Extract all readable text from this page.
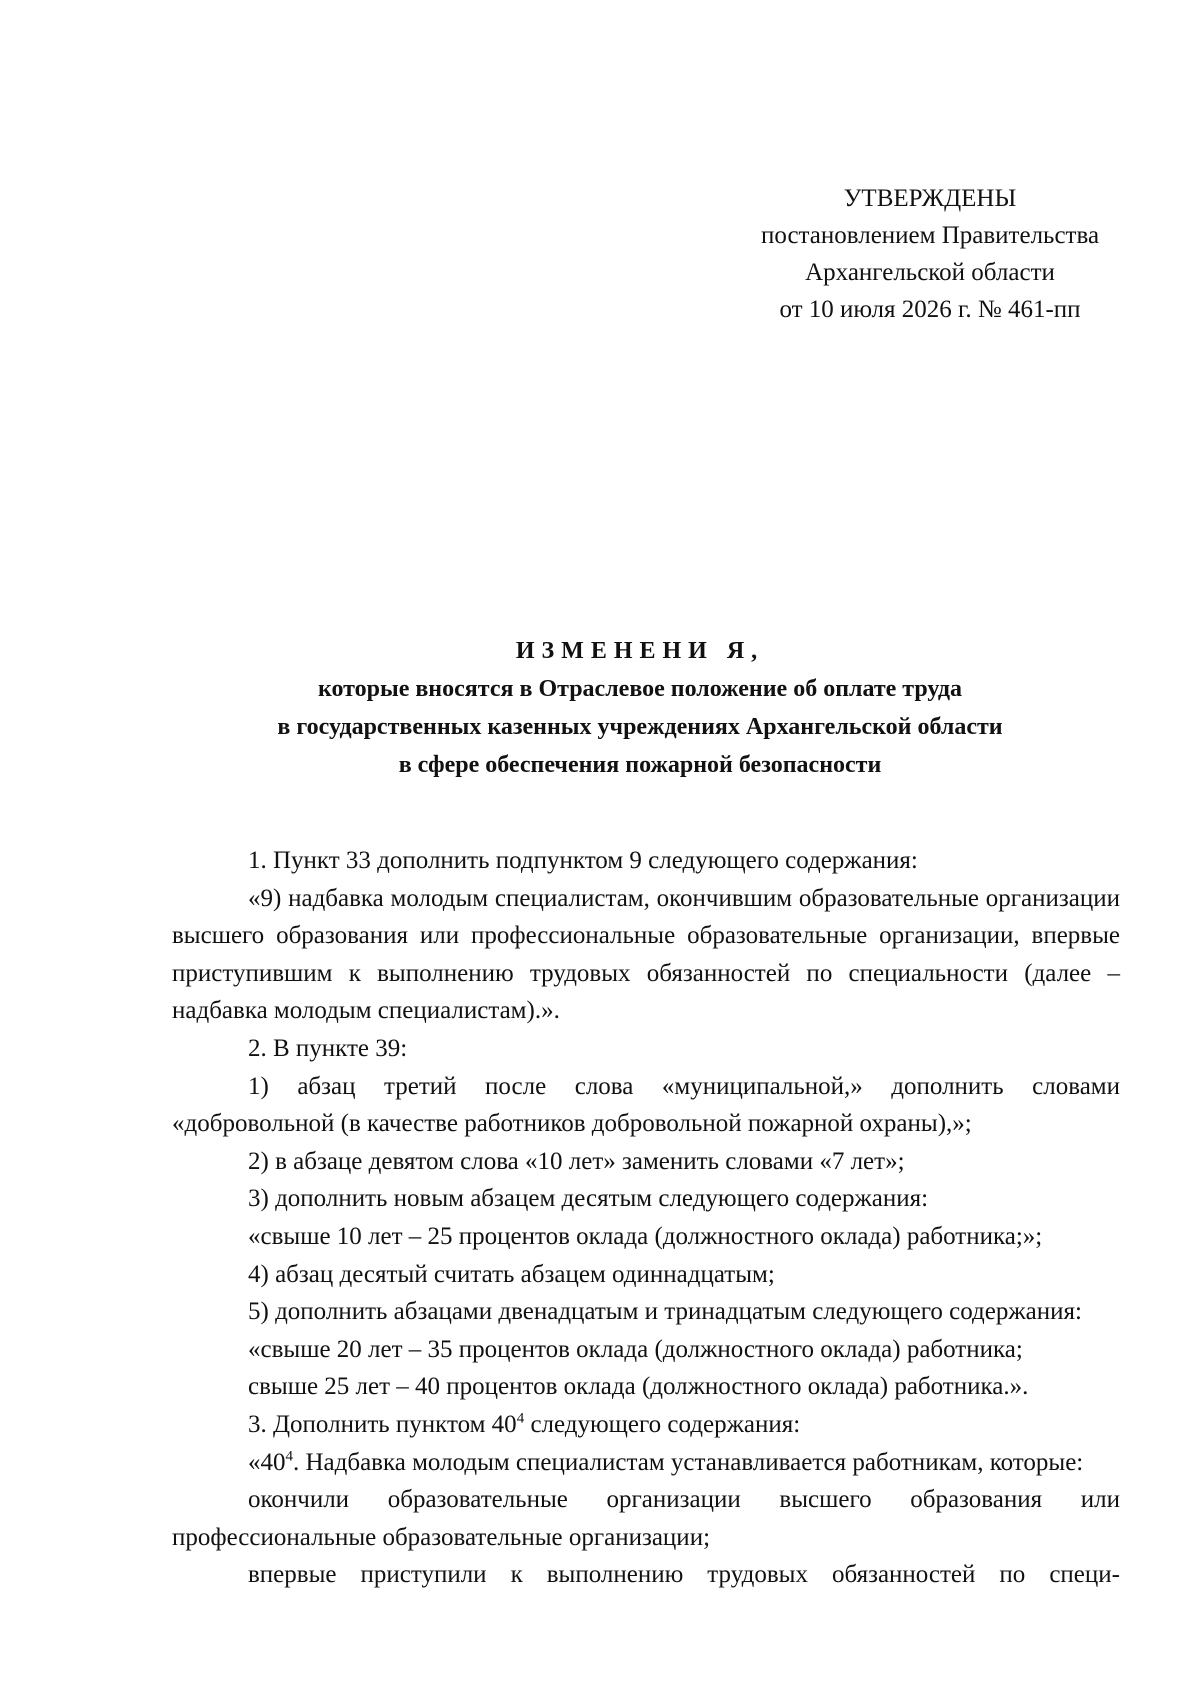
УТВЕРЖДЕНЫ
постановлением Правительства
Архангельской области
от 10 июля 2026 г. № 461-пп
ИЗМЕНЕНИ Я,
которые вносятся в Отраслевое положение об оплате труда
в государственных казенных учреждениях Архангельской области
в сфере обеспечения пожарной безопасности

1. Пункт 33 дополнить подпунктом 9 следующего содержания:

«9) надбавка молодым специалистам, окончившим образовательные организации высшего образования или профессиональные образовательные организации, впервые приступившим к выполнению трудовых обязанностей по специальности (далее – надбавка молодым специалистам).».

2. В пункте 39:

1) абзац третий после слова «муниципальной,» дополнить словами «добровольной (в качестве работников добровольной пожарной охраны),»;

2) в абзаце девятом слова «10 лет» заменить словами «7 лет»;

3) дополнить новым абзацем десятым следующего содержания:

«свыше 10 лет – 25 процентов оклада (должностного оклада) работника;»;

4) абзац десятый считать абзацем одиннадцатым;

5) дополнить абзацами двенадцатым и тринадцатым следующего содержания:

«свыше 20 лет – 35 процентов оклада (должностного оклада) работника;

свыше 25 лет – 40 процентов оклада (должностного оклада) работника.».

3. Дополнить пунктом $40^4$ следующего содержания:

«$40^4$. Надбавка молодым специалистам устанавливается работникам, которые:

окончили образовательные организации высшего образования или профессиональные образовательные организации;

впервые приступили к выполнению трудовых обязанностей по специ-
